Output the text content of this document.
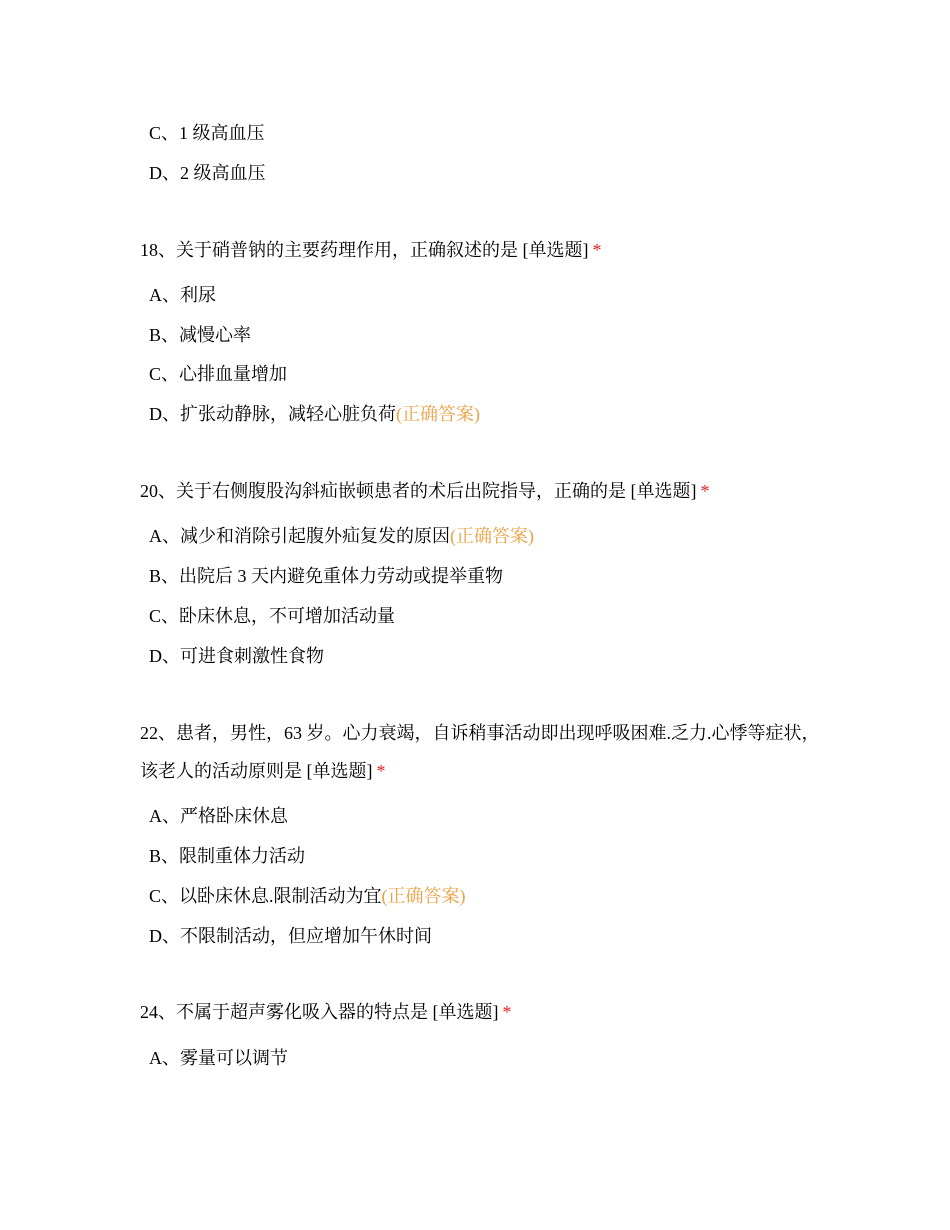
C、1 级高血压
D、2 级高血压
18、关于硝普钠的主要药理作用，正确叙述的是 [单选题] *
A、利尿
B、减慢心率
C、心排血量增加
D、扩张动静脉，减轻心脏负荷(正确答案)
20、关于右侧腹股沟斜疝嵌顿患者的术后出院指导，正确的是 [单选题] *
A、减少和消除引起腹外疝复发的原因(正确答案)
B、出院后 3 天内避免重体力劳动或提举重物
C、卧床休息，不可增加活动量
D、可进食刺激性食物
22、患者，男性，63 岁。心力衰竭，自诉稍事活动即出现呼吸困难.乏力.心悸等症状，该老人的活动原则是 [单选题] *
A、严格卧床休息
B、限制重体力活动
C、以卧床休息.限制活动为宜(正确答案)
D、不限制活动，但应增加午休时间
24、不属于超声雾化吸入器的特点是 [单选题] *
A、雾量可以调节
